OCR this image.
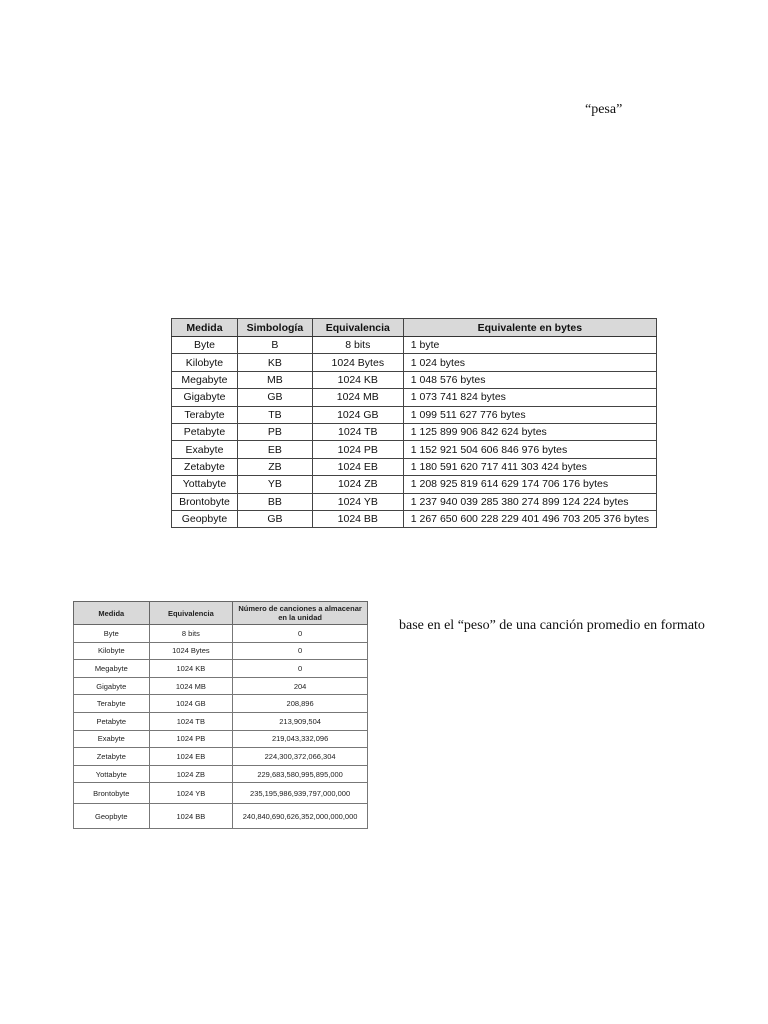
“pesa”
Medida	Simbología	Equivalencia	Equivalente en bytes
Byte	B	8 bits	1 byte
Kilobyte	KB	1024 Bytes	1 024 bytes
Megabyte	MB	1024 KB	1 048 576 bytes
Gigabyte	GB	1024 MB	1 073 741 824 bytes
Terabyte	TB	1024 GB	1 099 511 627 776 bytes
Petabyte	PB	1024 TB	1 125 899 906 842 624 bytes
Exabyte	EB	1024 PB	1 152 921 504 606 846 976 bytes
Zetabyte	ZB	1024 EB	1 180 591 620 717 411 303 424 bytes
Yottabyte	YB	1024 ZB	1 208 925 819 614 629 174 706 176 bytes
Brontobyte	BB	1024 YB	1 237 940 039 285 380 274 899 124 224 bytes
Geopbyte	GB	1024 BB	1 267 650 600 228 229 401 496 703 205 376 bytes
Medida	Equivalencia	Número de canciones a almacenar en la unidad
Byte	8 bits	0
Kilobyte	1024 Bytes	0
Megabyte	1024 KB	0
Gigabyte	1024 MB	204
Terabyte	1024 GB	208,896
Petabyte	1024 TB	213,909,504
Exabyte	1024 PB	219,043,332,096
Zetabyte	1024 EB	224,300,372,066,304
Yottabyte	1024 ZB	229,683,580,995,895,000
Brontobyte	1024 YB	235,195,986,939,797,000,000
Geopbyte	1024 BB	240,840,690,626,352,000,000,000
base en el “peso” de una canción promedio en formato
